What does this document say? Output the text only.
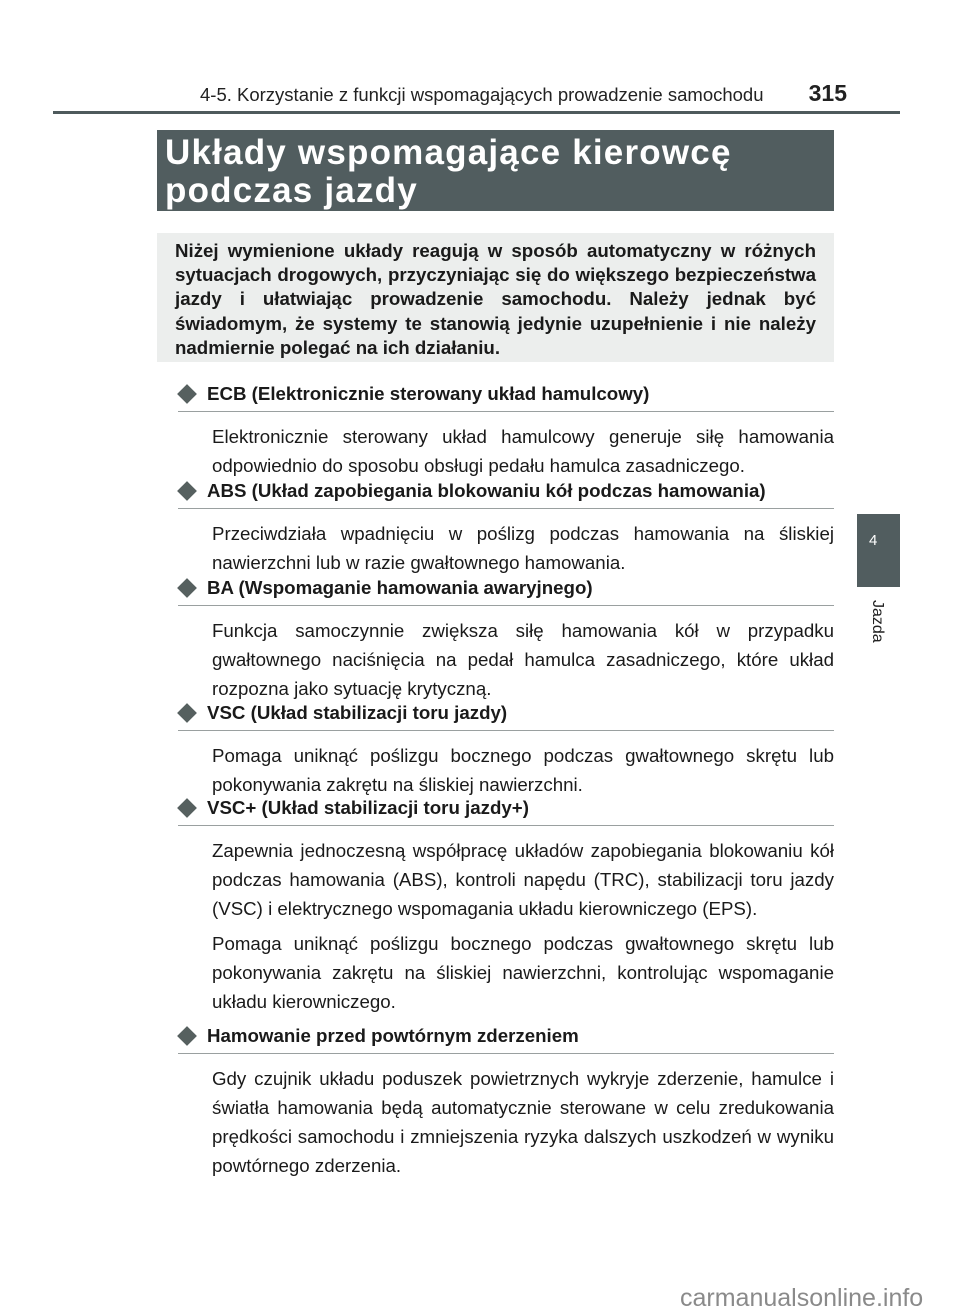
4-5. Korzystanie z funkcji wspomagających prowadzenie samochodu 315
Układy wspomagające kierowcę
podczas jazdy
Niżej wymienione układy reagują w sposób automatyczny w różnych sytuacjach drogowych, przyczyniając się do większego bezpieczeństwa jazdy i ułatwiając prowadzenie samochodu. Należy jednak być świadomym, że systemy te stanowią jedynie uzupełnienie i nie należy nadmiernie polegać na ich działaniu.
ECB (Elektronicznie sterowany układ hamulcowy)
Elektronicznie sterowany układ hamulcowy generuje siłę hamowania odpowiednio do sposobu obsługi pedału hamulca zasadniczego.
ABS (Układ zapobiegania blokowaniu kół podczas hamowania)
Przeciwdziała wpadnięciu w poślizg podczas hamowania na śliskiej nawierzchni lub w razie gwałtownego hamowania.
BA (Wspomaganie hamowania awaryjnego)
Funkcja samoczynnie zwiększa siłę hamowania kół w przypadku gwałtownego naciśnięcia na pedał hamulca zasadniczego, które układ rozpozna jako sytuację krytyczną.
VSC (Układ stabilizacji toru jazdy)
Pomaga uniknąć poślizgu bocznego podczas gwałtownego skrętu lub pokonywania zakrętu na śliskiej nawierzchni.
VSC+ (Układ stabilizacji toru jazdy+)
Zapewnia jednoczesną współpracę układów zapobiegania blokowaniu kół podczas hamowania (ABS), kontroli napędu (TRC), stabilizacji toru jazdy (VSC) i elektrycznego wspomagania układu kierowniczego (EPS).
Pomaga uniknąć poślizgu bocznego podczas gwałtownego skrętu lub pokonywania zakrętu na śliskiej nawierzchni, kontrolując wspomaganie układu kierowniczego.
Hamowanie przed powtórnym zderzeniem
Gdy czujnik układu poduszek powietrznych wykryje zderzenie, hamulce i światła hamowania będą automatycznie sterowane w celu zredukowania prędkości samochodu i zmniejszenia ryzyka dalszych uszkodzeń w wyniku powtórnego zderzenia.
4
Jazda
carmanualsonline.info
